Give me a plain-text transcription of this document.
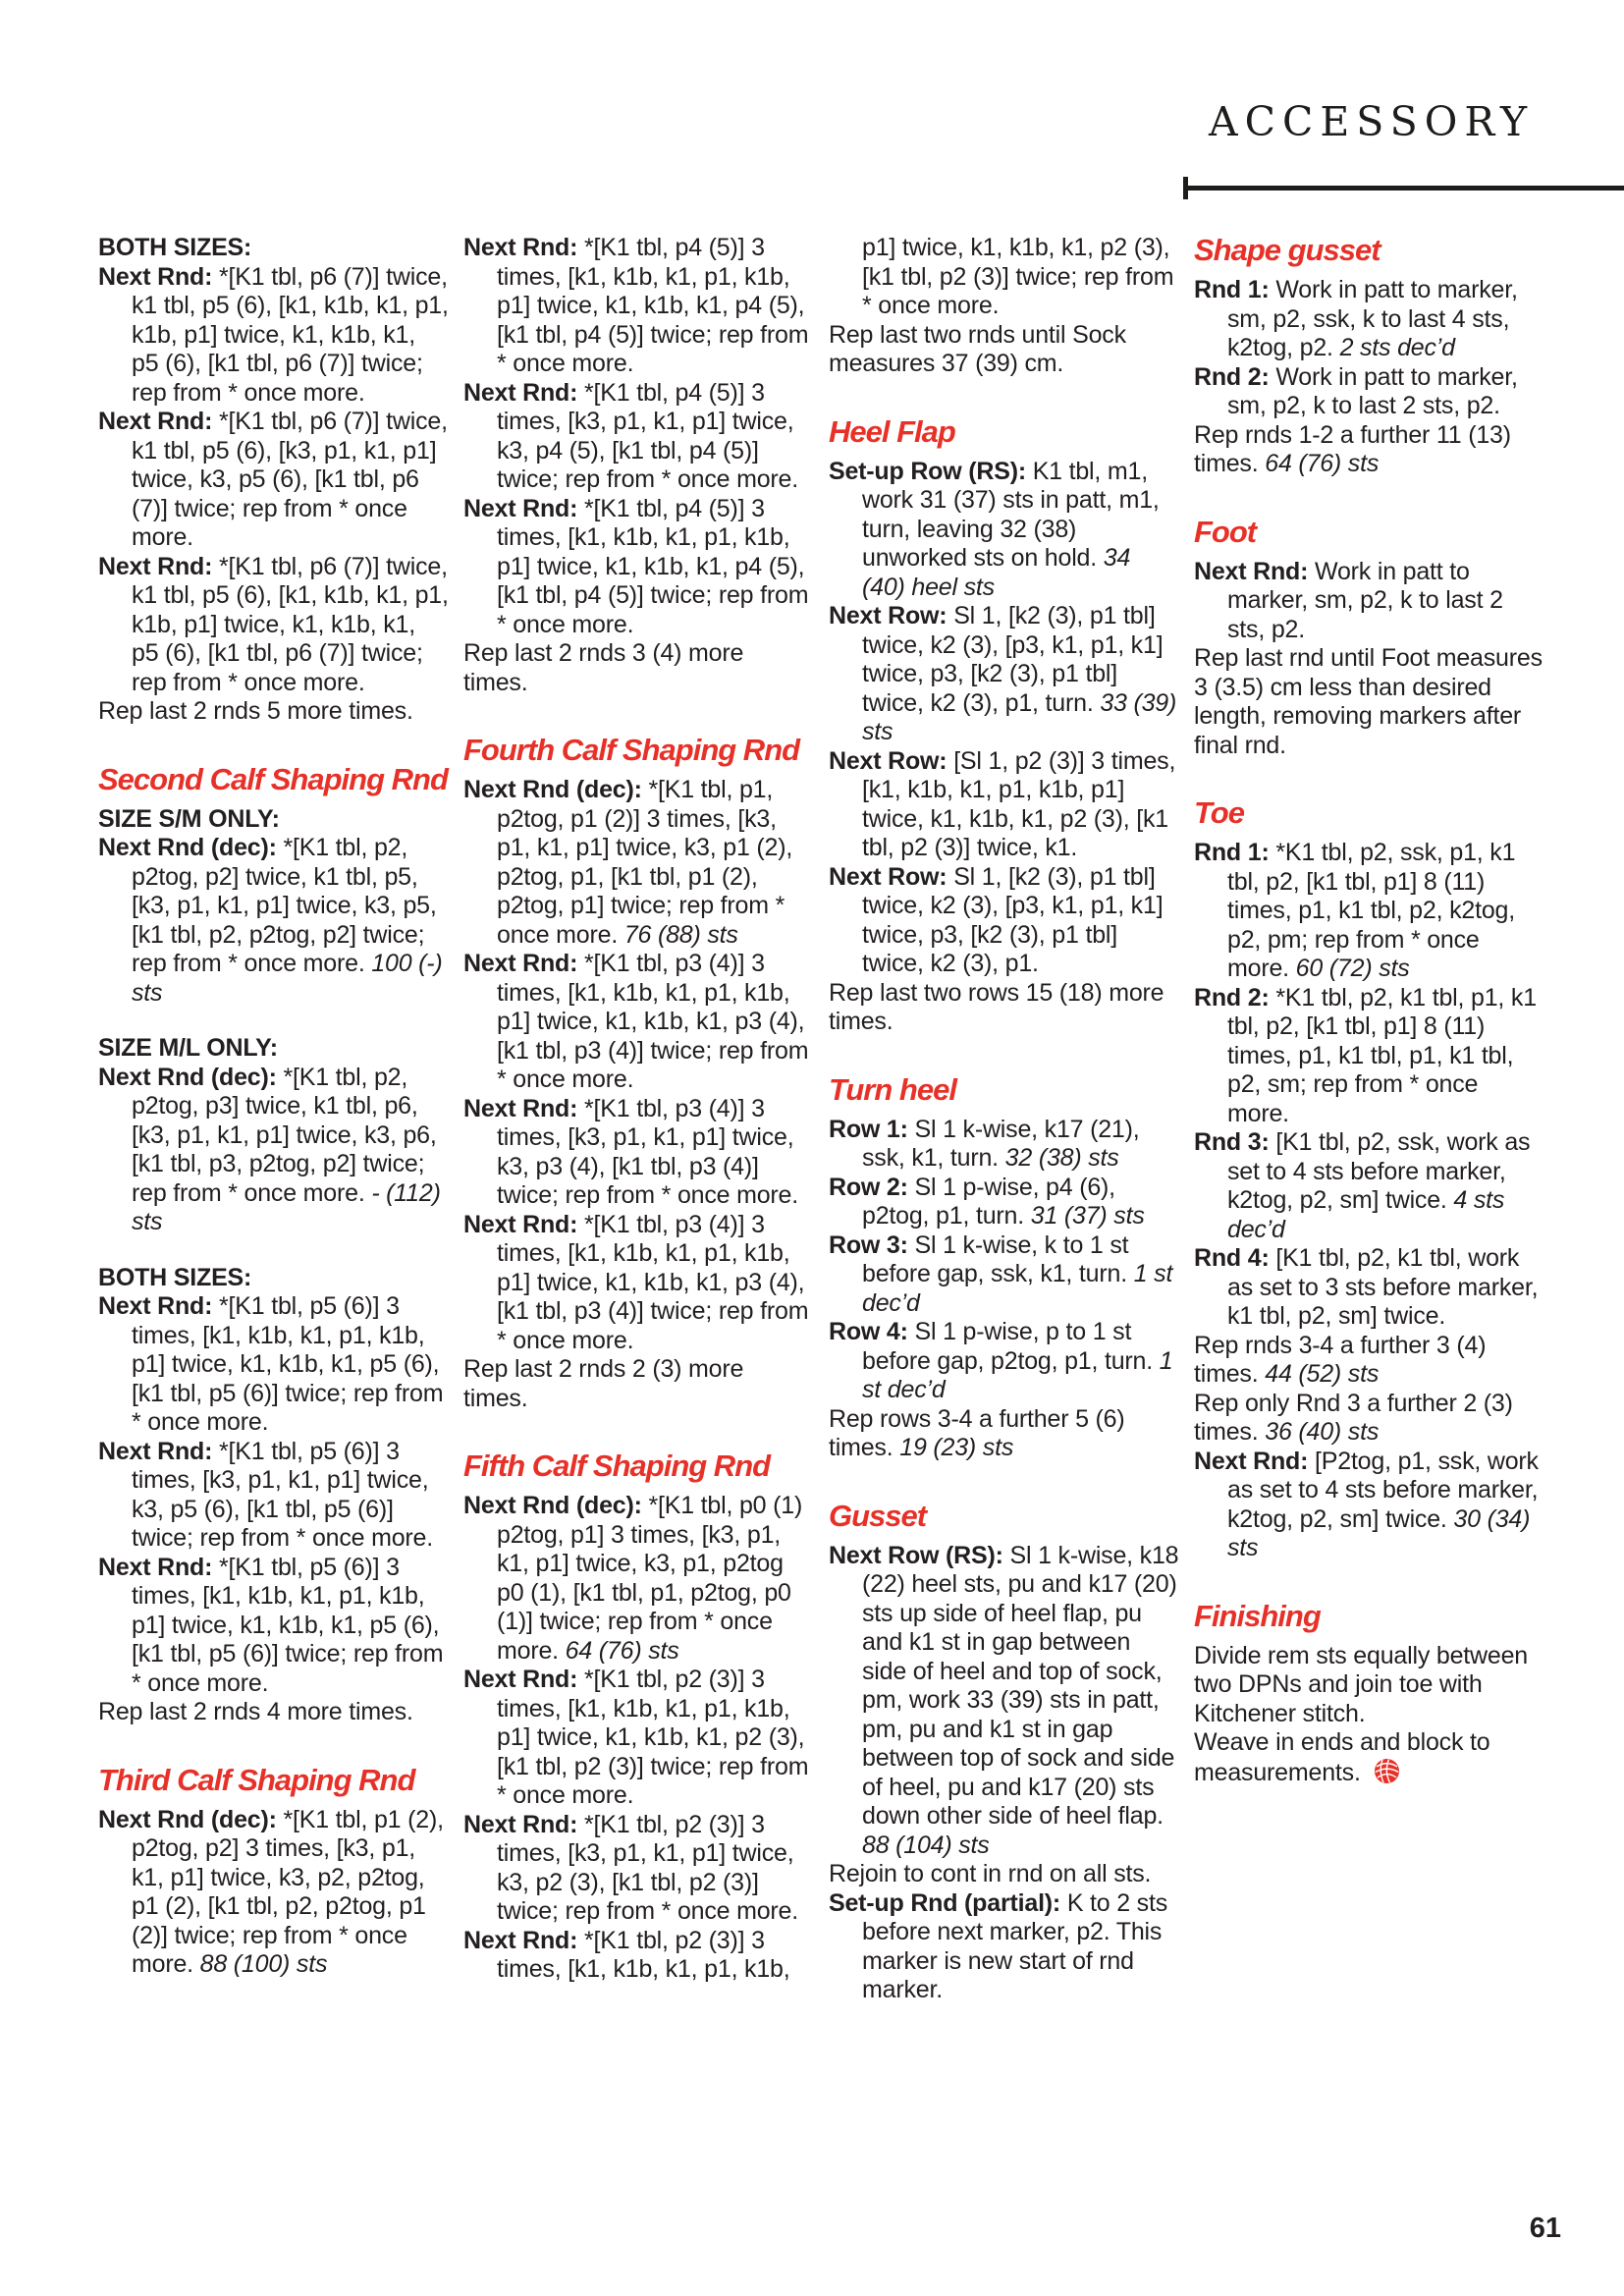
ACCESSORY
BOTH SIZES:

Next Rnd: *[K1 tbl, p6 (7)] twice, k1 tbl, p5 (6), [k1, k1b, k1, p1, k1b, p1] twice, k1, k1b, k1, p5 (6), [k1 tbl, p6 (7)] twice; rep from * once more.

Next Rnd: *[K1 tbl, p6 (7)] twice, k1 tbl, p5 (6), [k3, p1, k1, p1] twice, k3, p5 (6), [k1 tbl, p6 (7)] twice; rep from * once more.

Next Rnd: *[K1 tbl, p6 (7)] twice, k1 tbl, p5 (6), [k1, k1b, k1, p1, k1b, p1] twice, k1, k1b, k1, p5 (6), [k1 tbl, p6 (7)] twice; rep from * once more.

Rep last 2 rnds 5 more times.

Second Calf Shaping Rnd
SIZE S/M ONLY:

Next Rnd (dec): *[K1 tbl, p2, p2tog, p2] twice, k1 tbl, p5, [k3, p1, k1, p1] twice, k3, p5, [k1 tbl, p2, p2tog, p2] twice; rep from * once more. 100 (-) sts

SIZE M/L ONLY:

Next Rnd (dec): *[K1 tbl, p2, p2tog, p3] twice, k1 tbl, p6, [k3, p1, k1, p1] twice, k3, p6, [k1 tbl, p3, p2tog, p2] twice; rep from * once more. - (112) sts

BOTH SIZES:

Next Rnd: *[K1 tbl, p5 (6)] 3 times, [k1, k1b, k1, p1, k1b, p1] twice, k1, k1b, k1, p5 (6), [k1 tbl, p5 (6)] twice; rep from * once more.

Next Rnd: *[K1 tbl, p5 (6)] 3 times, [k3, p1, k1, p1] twice, k3, p5 (6), [k1 tbl, p5 (6)] twice; rep from * once more.

Next Rnd: *[K1 tbl, p5 (6)] 3 times, [k1, k1b, k1, p1, k1b, p1] twice, k1, k1b, k1, p5 (6), [k1 tbl, p5 (6)] twice; rep from * once more.

Rep last 2 rnds 4 more times.

Third Calf Shaping Rnd

Next Rnd (dec): *[K1 tbl, p1 (2), p2tog, p2] 3 times, [k3, p1, k1, p1] twice, k3, p2, p2tog, p1 (2), [k1 tbl, p2, p2tog, p1 (2)] twice; rep from * once more. 88 (100) sts

Next Rnd: *[K1 tbl, p4 (5)] 3 times, [k1, k1b, k1, p1, k1b, p1] twice, k1, k1b, k1, p4 (5), [k1 tbl, p4 (5)] twice; rep from * once more.

Next Rnd: *[K1 tbl, p4 (5)] 3 times, [k3, p1, k1, p1] twice, k3, p4 (5), [k1 tbl, p4 (5)] twice; rep from * once more.

Next Rnd: *[K1 tbl, p4 (5)] 3 times, [k1, k1b, k1, p1, k1b, p1] twice, k1, k1b, k1, p4 (5), [k1 tbl, p4 (5)] twice; rep from * once more.

Rep last 2 rnds 3 (4) more times.

Fourth Calf Shaping Rnd

Next Rnd (dec): *[K1 tbl, p1, p2tog, p1 (2)] 3 times, [k3, p1, k1, p1] twice, k3, p1 (2), p2tog, p1, [k1 tbl, p1 (2), p2tog, p1] twice; rep from * once more. 76 (88) sts

Next Rnd: *[K1 tbl, p3 (4)] 3 times, [k1, k1b, k1, p1, k1b, p1] twice, k1, k1b, k1, p3 (4), [k1 tbl, p3 (4)] twice; rep from * once more.

Next Rnd: *[K1 tbl, p3 (4)] 3 times, [k3, p1, k1, p1] twice, k3, p3 (4), [k1 tbl, p3 (4)] twice; rep from * once more.

Next Rnd: *[K1 tbl, p3 (4)] 3 times, [k1, k1b, k1, p1, k1b, p1] twice, k1, k1b, k1, p3 (4), [k1 tbl, p3 (4)] twice; rep from * once more.

Rep last 2 rnds 2 (3) more times.

Fifth Calf Shaping Rnd

Next Rnd (dec): *[K1 tbl, p0 (1) p2tog, p1] 3 times, [k3, p1, k1, p1] twice, k3, p1, p2tog p0 (1), [k1 tbl, p1, p2tog, p0 (1)] twice; rep from * once more. 64 (76) sts

Next Rnd: *[K1 tbl, p2 (3)] 3 times, [k1, k1b, k1, p1, k1b, p1] twice, k1, k1b, k1, p2 (3), [k1 tbl, p2 (3)] twice; rep from * once more.

Next Rnd: *[K1 tbl, p2 (3)] 3 times, [k3, p1, k1, p1] twice, k3, p2 (3), [k1 tbl, p2 (3)] twice; rep from * once more.

Next Rnd: *[K1 tbl, p2 (3)] 3 times, [k1, k1b, k1, p1, k1b,

p1] twice, k1, k1b, k1, p2 (3), [k1 tbl, p2 (3)] twice; rep from * once more.

Rep last two rnds until Sock measures 37 (39) cm.

Heel Flap

Set-up Row (RS): K1 tbl, m1, work 31 (37) sts in patt, m1, turn, leaving 32 (38) unworked sts on hold. 34 (40) heel sts

Next Row: Sl 1, [k2 (3), p1 tbl] twice, k2 (3), [p3, k1, p1, k1] twice, p3, [k2 (3), p1 tbl] twice, k2 (3), p1, turn. 33 (39) sts

Next Row: [Sl 1, p2 (3)] 3 times, [k1, k1b, k1, p1, k1b, p1] twice, k1, k1b, k1, p2 (3), [k1 tbl, p2 (3)] twice, k1.

Next Row: Sl 1, [k2 (3), p1 tbl] twice, k2 (3), [p3, k1, p1, k1] twice, p3, [k2 (3), p1 tbl] twice, k2 (3), p1.

Rep last two rows 15 (18) more times.

Turn heel

Row 1: Sl 1 k-wise, k17 (21), ssk, k1, turn. 32 (38) sts

Row 2: Sl 1 p-wise, p4 (6), p2tog, p1, turn. 31 (37) sts

Row 3: Sl 1 k-wise, k to 1 st before gap, ssk, k1, turn. 1 st dec’d

Row 4: Sl 1 p-wise, p to 1 st before gap, p2tog, p1, turn. 1 st dec’d

Rep rows 3-4 a further 5 (6) times. 19 (23) sts

Gusset

Next Row (RS): Sl 1 k-wise, k18 (22) heel sts, pu and k17 (20) sts up side of heel flap, pu and k1 st in gap between side of heel and top of sock, pm, work 33 (39) sts in patt, pm, pu and k1 st in gap between top of sock and side of heel, pu and k17 (20) sts down other side of heel flap. 88 (104) sts

Rejoin to cont in rnd on all sts.

Set-up Rnd (partial): K to 2 sts before next marker, p2. This marker is new start of rnd marker.

Shape gusset

Rnd 1: Work in patt to marker, sm, p2, ssk, k to last 4 sts, k2tog, p2. 2 sts dec’d

Rnd 2: Work in patt to marker, sm, p2, k to last 2 sts, p2.

Rep rnds 1-2 a further 11 (13) times. 64 (76) sts

Foot

Next Rnd: Work in patt to marker, sm, p2, k to last 2 sts, p2.

Rep last rnd until Foot measures 3 (3.5) cm less than desired length, removing markers after final rnd.

Toe

Rnd 1: *K1 tbl, p2, ssk, p1, k1 tbl, p2, [k1 tbl, p1] 8 (11) times, p1, k1 tbl, p2, k2tog, p2, pm; rep from * once more. 60 (72) sts

Rnd 2: *K1 tbl, p2, k1 tbl, p1, k1 tbl, p2, [k1 tbl, p1] 8 (11) times, p1, k1 tbl, p1, k1 tbl, p2, sm; rep from * once more.

Rnd 3: [K1 tbl, p2, ssk, work as set to 4 sts before marker, k2tog, p2, sm] twice. 4 sts dec’d

Rnd 4: [K1 tbl, p2, k1 tbl, work as set to 3 sts before marker, k1 tbl, p2, sm] twice.

Rep rnds 3-4 a further 3 (4) times. 44 (52) sts

Rep only Rnd 3 a further 2 (3) times. 36 (40) sts

Next Rnd: [P2tog, p1, ssk, work as set to 4 sts before marker, k2tog, p2, sm] twice. 30 (34) sts

Finishing

Divide rem sts equally between two DPNs and join toe with Kitchener stitch.

Weave in ends and block to measurements.

61
